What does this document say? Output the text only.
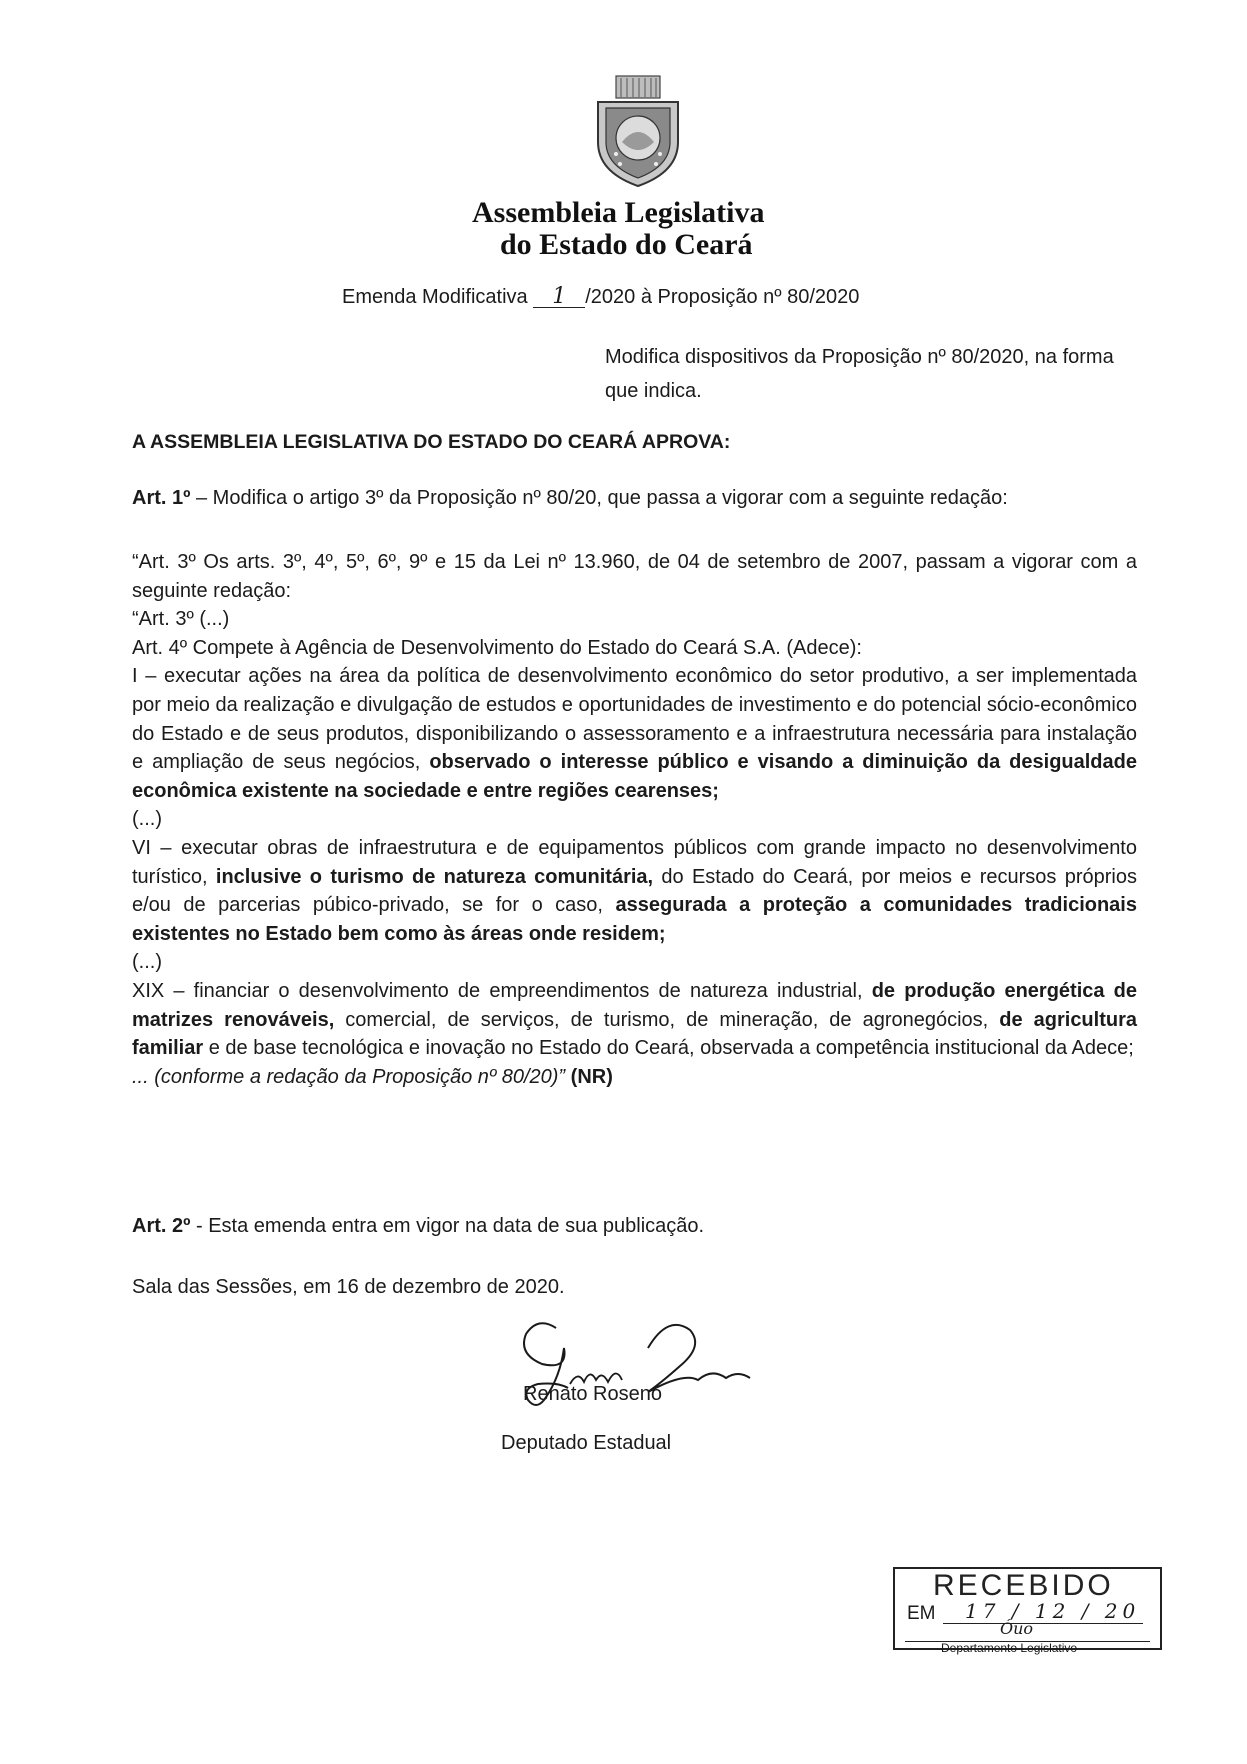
Assembleia Legislativa
do Estado do Ceará
Emenda Modificativa 1 /2020 à Proposição nº 80/2020
Modifica dispositivos da Proposição nº 80/2020, na forma que indica.
A ASSEMBLEIA LEGISLATIVA DO ESTADO DO CEARÁ APROVA:
Art. 1º – Modifica o artigo 3º da Proposição nº 80/20, que passa a vigorar com a seguinte redação:

“Art. 3º Os arts. 3º, 4º, 5º, 6º, 9º e 15 da Lei nº 13.960, de 04 de setembro de 2007, passam a vigorar com a seguinte redação:

“Art. 3º (...)

Art. 4º Compete à Agência de Desenvolvimento do Estado do Ceará S.A. (Adece):

I – executar ações na área da política de desenvolvimento econômico do setor produtivo, a ser implementada por meio da realização e divulgação de estudos e oportunidades de investimento e do potencial sócio-econômico do Estado e de seus produtos, disponibilizando o assessoramento e a infraestrutura necessária para instalação e ampliação de seus negócios, observado o interesse público e visando a diminuição da desigualdade econômica existente na sociedade e entre regiões cearenses;

(...)

VI – executar obras de infraestrutura e de equipamentos públicos com grande impacto no desenvolvimento turístico, inclusive o turismo de natureza comunitária, do Estado do Ceará, por meios e recursos próprios e/ou de parcerias púbico-privado, se for o caso, assegurada a proteção a comunidades tradicionais existentes no Estado bem como às áreas onde residem;

(...)

XIX – financiar o desenvolvimento de empreendimentos de natureza industrial, de produção energética de matrizes renováveis, comercial, de serviços, de turismo, de mineração, de agronegócios, de agricultura familiar e de base tecnológica e inovação no Estado do Ceará, observada a competência institucional da Adece;

... (conforme a redação da Proposição nº 80/20)” (NR)

Art. 2º - Esta emenda entra em vigor na data de sua publicação.
Sala das Sessões, em 16 de dezembro de 2020.
Renato Roseno
Deputado Estadual
RECEBIDO
EM 17 / 12 / 20
Óuo
Departamento Legislativo
